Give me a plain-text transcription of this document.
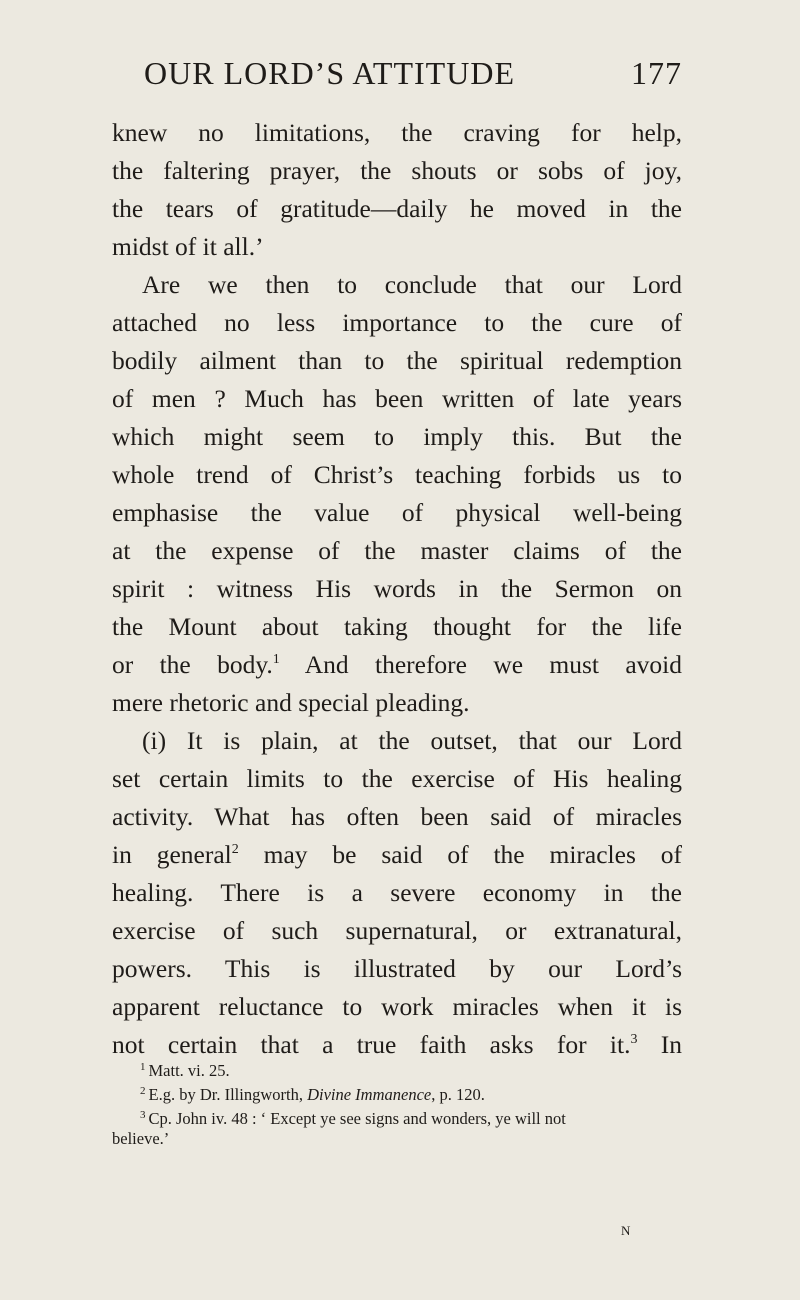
OUR LORD’S ATTITUDE	177
knew no limitations, the craving for help,
the faltering prayer, the shouts or sobs of joy,
the tears of gratitude—daily he moved in the
midst of it all.’
Are we then to conclude that our Lord
attached no less importance to the cure of
bodily ailment than to the spiritual redemption
of men ? Much has been written of late years
which might seem to imply this. But the
whole trend of Christ’s teaching forbids us to
emphasise the value of physical well-being
at the expense of the master claims of the
spirit : witness His words in the Sermon on
the Mount about taking thought for the life
or the body.$^1$ And therefore we must avoid
mere rhetoric and special pleading.
(i) It is plain, at the outset, that our Lord
set certain limits to the exercise of His healing
activity. What has often been said of miracles
in general$^2$ may be said of the miracles of
healing. There is a severe economy in the
exercise of such supernatural, or extranatural,
powers. This is illustrated by our Lord’s
apparent reluctance to work miracles when it is
not certain that a true faith asks for it.$^3$ In
$^1$ Matt. vi. 25.
$^2$ E.g. by Dr. Illingworth, Divine Immanence, p. 120.
$^3$ Cp. John iv. 48 : ‘ Except ye see signs and wonders, ye will not
believe.’
N
